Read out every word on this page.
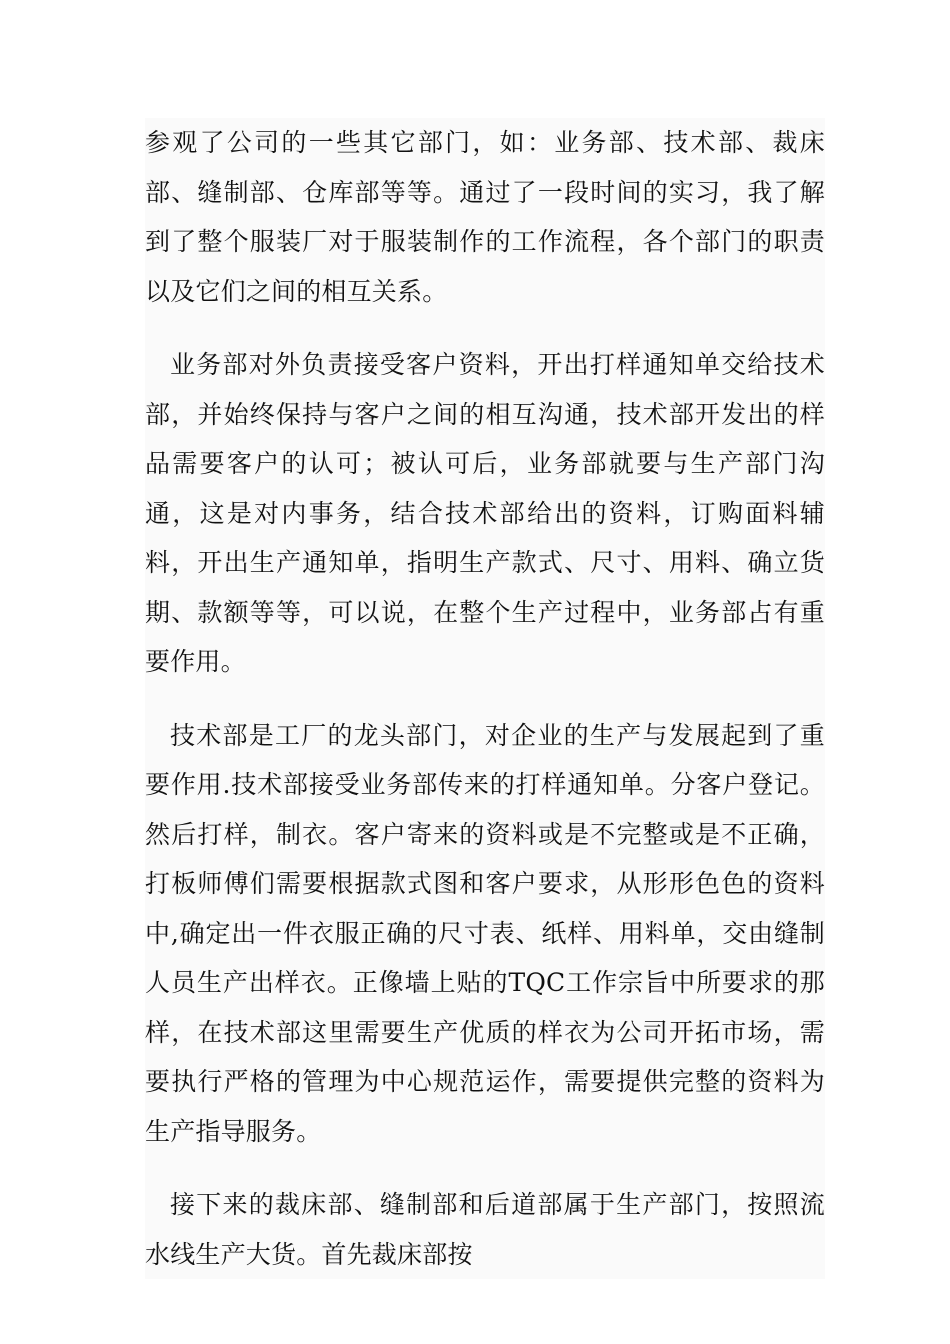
参观了公司的一些其它部门，如：业务部、技术部、裁床部、缝制部、仓库部等等。通过了一段时间的实习，我了解到了整个服装厂对于服装制作的工作流程，各个部门的职责以及它们之间的相互关系。

业务部对外负责接受客户资料，开出打样通知单交给技术部，并始终保持与客户之间的相互沟通，技术部开发出的样品需要客户的认可；被认可后，业务部就要与生产部门沟通，这是对内事务，结合技术部给出的资料，订购面料辅料，开出生产通知单，指明生产款式、尺寸、用料、确立货期、款额等等，可以说，在整个生产过程中，业务部占有重要作用。

技术部是工厂的龙头部门，对企业的生产与发展起到了重要作用.技术部接受业务部传来的打样通知单。分客户登记。然后打样，制衣。客户寄来的资料或是不完整或是不正确，打板师傅们需要根据款式图和客户要求，从形形色色的资料中,确定出一件衣服正确的尺寸表、纸样、用料单，交由缝制人员生产出样衣。正像墙上贴的TQC工作宗旨中所要求的那样，在技术部这里需要生产优质的样衣为公司开拓市场，需要执行严格的管理为中心规范运作，需要提供完整的资料为生产指导服务。

接下来的裁床部、缝制部和后道部属于生产部门，按照流水线生产大货。首先裁床部按
